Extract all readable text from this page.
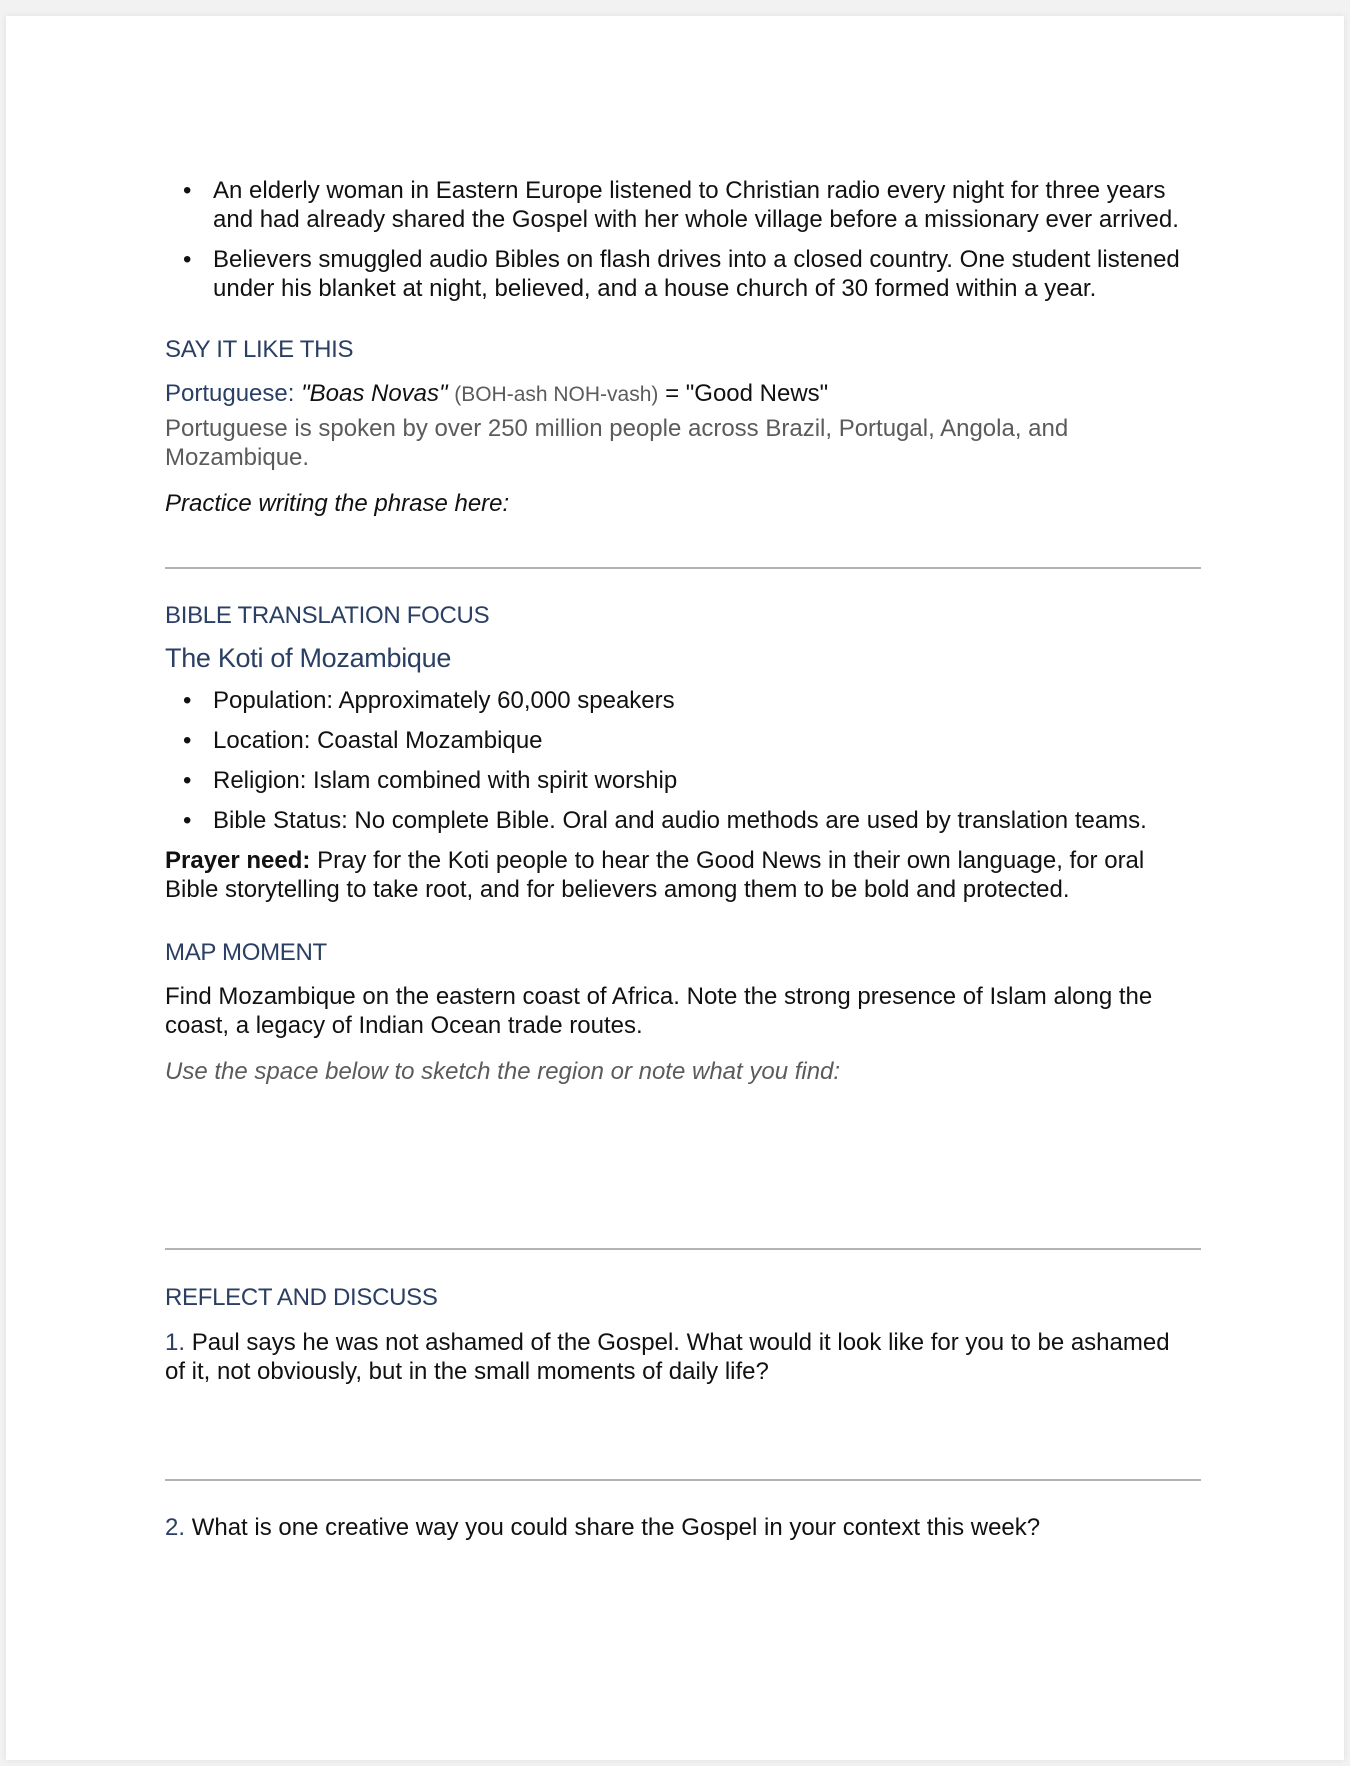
• An elderly woman in Eastern Europe listened to Christian radio every night for three years and had already shared the Gospel with her whole village before a missionary ever arrived.
• Believers smuggled audio Bibles on flash drives into a closed country. One student listened under his blanket at night, believed, and a house church of 30 formed within a year.
SAY IT LIKE THIS
Portuguese: "Boas Novas" (BOH-ash NOH-vash) = "Good News"
Portuguese is spoken by over 250 million people across Brazil, Portugal, Angola, and Mozambique.
Practice writing the phrase here:
BIBLE TRANSLATION FOCUS
The Koti of Mozambique
• Population: Approximately 60,000 speakers
• Location: Coastal Mozambique
• Religion: Islam combined with spirit worship
• Bible Status: No complete Bible. Oral and audio methods are used by translation teams.
Prayer need: Pray for the Koti people to hear the Good News in their own language, for oral Bible storytelling to take root, and for believers among them to be bold and protected.
MAP MOMENT
Find Mozambique on the eastern coast of Africa. Note the strong presence of Islam along the coast, a legacy of Indian Ocean trade routes.
Use the space below to sketch the region or note what you find:
REFLECT AND DISCUSS
1. Paul says he was not ashamed of the Gospel. What would it look like for you to be ashamed of it, not obviously, but in the small moments of daily life?
2. What is one creative way you could share the Gospel in your context this week?
